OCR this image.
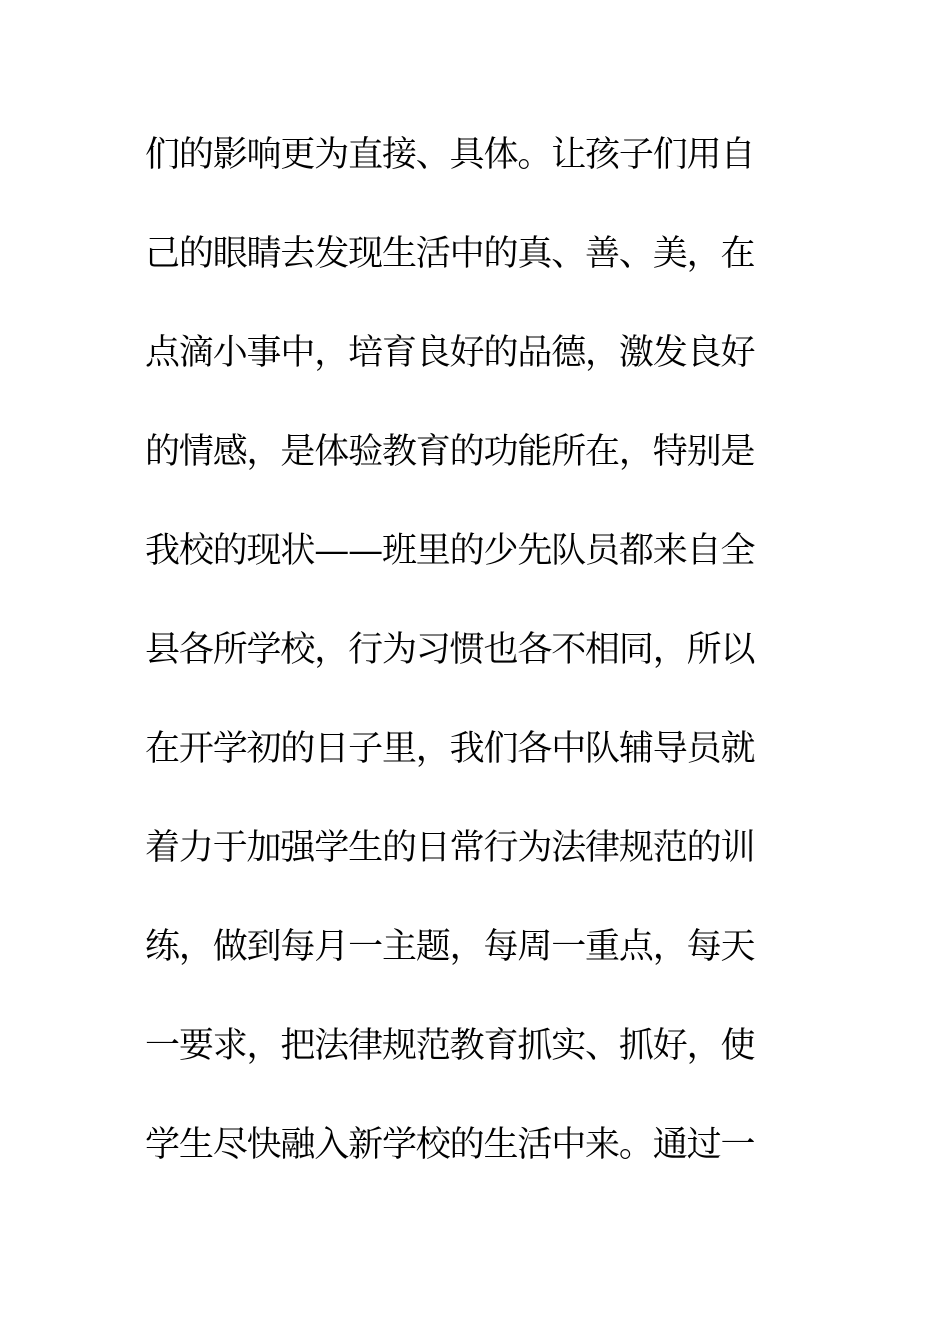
们的影响更为直接、具体。让孩子们用自
己的眼睛去发现生活中的真、善、美，在
点滴小事中，培育良好的品德，激发良好
的情感，是体验教育的功能所在，特别是
我校的现状——班里的少先队员都来自全
县各所学校，行为习惯也各不相同，所以
在开学初的日子里，我们各中队辅导员就
着力于加强学生的日常行为法律规范的训
练，做到每月一主题，每周一重点，每天
一要求，把法律规范教育抓实、抓好，使
学生尽快融入新学校的生活中来。通过一
